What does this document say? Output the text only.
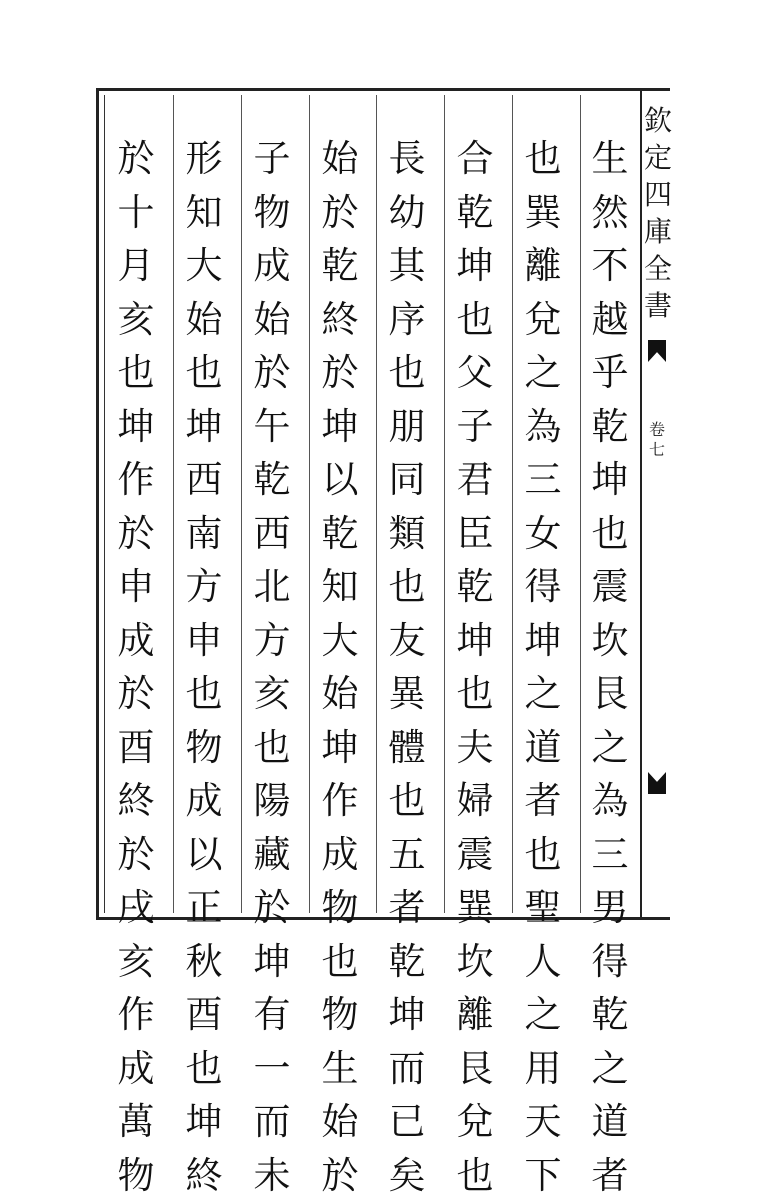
欽
定
四
庫
全
書
卷
七
生
然
不
越
乎
乾
坤
也
震
坎
艮
之
為
三
男
得
乾
之
道
者
也
巽
離
兌
之
為
三
女
得
坤
之
道
者
也
聖
人
之
用
天
下
合
乾
坤
也
父
子
君
臣
乾
坤
也
夫
婦
震
巽
坎
離
艮
兌
也
長
幼
其
序
也
朋
同
類
也
友
異
體
也
五
者
乾
坤
而
已
矣
始
於
乾
終
於
坤
以
乾
知
大
始
坤
作
成
物
也
物
生
始
於
子
物
成
始
於
午
乾
西
北
方
亥
也
陽
藏
於
坤
有
一
而
未
形
知
大
始
也
坤
西
南
方
申
也
物
成
以
正
秋
酉
也
坤
終
於
十
月
亥
也
坤
作
於
申
成
於
酉
終
於
戌
亥
作
成
萬
物
